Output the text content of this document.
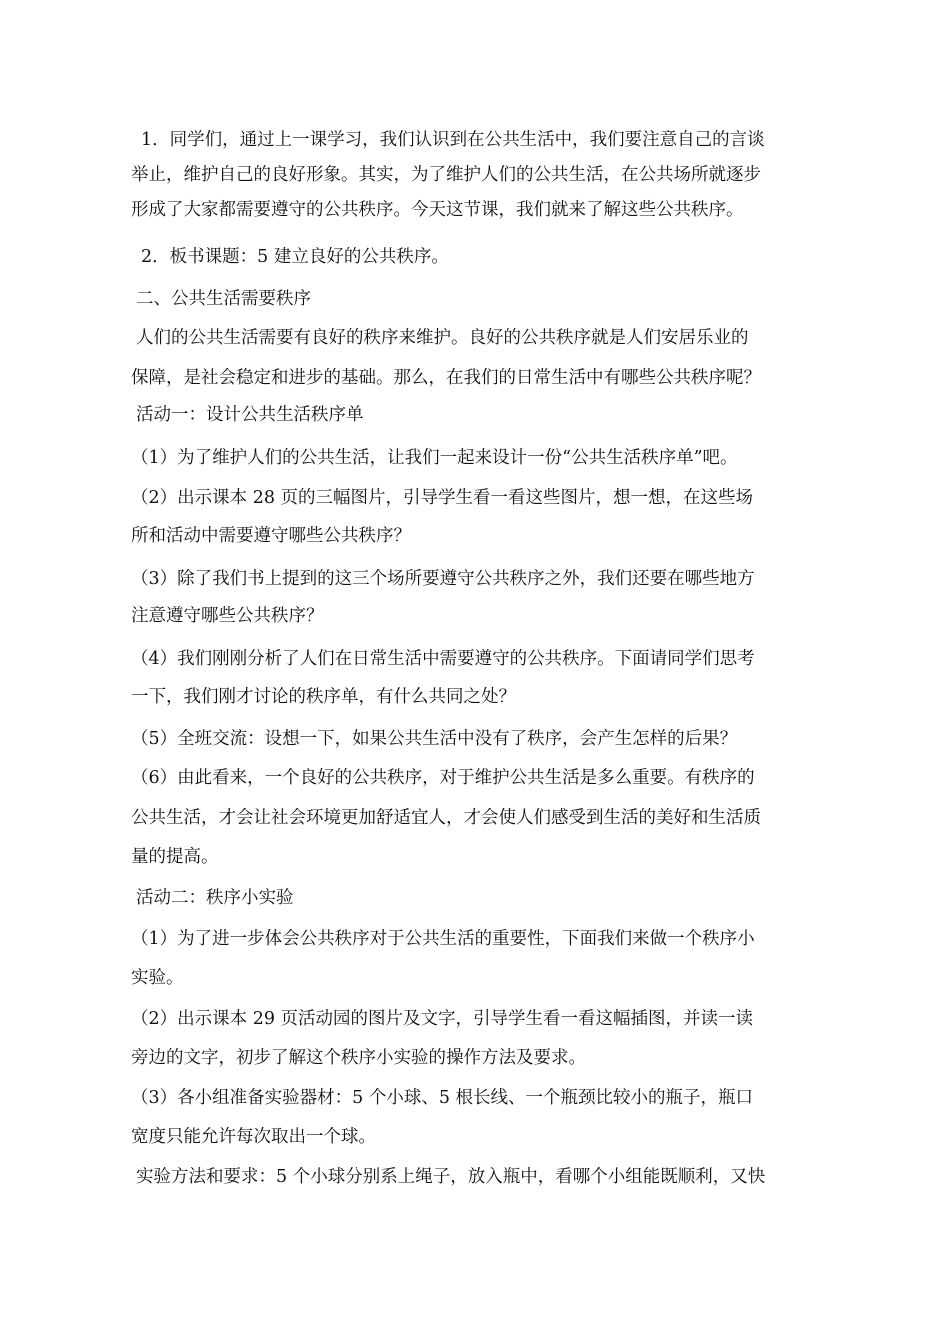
1．同学们，通过上一课学习，我们认识到在公共生活中，我们要注意自己的言谈
举止，维护自己的良好形象。其实，为了维护人们的公共生活，在公共场所就逐步
形成了大家都需要遵守的公共秩序。今天这节课，我们就来了解这些公共秩序。
2．板书课题：5 建立良好的公共秩序。
二、公共生活需要秩序
人们的公共生活需要有良好的秩序来维护。良好的公共秩序就是人们安居乐业的
保障，是社会稳定和进步的基础。那么，在我们的日常生活中有哪些公共秩序呢？
活动一：设计公共生活秩序单
（1）为了维护人们的公共生活，让我们一起来设计一份“公共生活秩序单”吧。
（2）出示课本 28 页的三幅图片，引导学生看一看这些图片，想一想，在这些场
所和活动中需要遵守哪些公共秩序？
（3）除了我们书上提到的这三个场所要遵守公共秩序之外，我们还要在哪些地方
注意遵守哪些公共秩序？
（4）我们刚刚分析了人们在日常生活中需要遵守的公共秩序。下面请同学们思考
一下，我们刚才讨论的秩序单，有什么共同之处？
（5）全班交流：设想一下，如果公共生活中没有了秩序，会产生怎样的后果？
（6）由此看来，一个良好的公共秩序，对于维护公共生活是多么重要。有秩序的
公共生活，才会让社会环境更加舒适宜人，才会使人们感受到生活的美好和生活质
量的提高。
活动二：秩序小实验
（1）为了进一步体会公共秩序对于公共生活的重要性，下面我们来做一个秩序小
实验。
（2）出示课本 29 页活动园的图片及文字，引导学生看一看这幅插图，并读一读
旁边的文字，初步了解这个秩序小实验的操作方法及要求。
（3）各小组准备实验器材：5 个小球、5 根长线、一个瓶颈比较小的瓶子，瓶口
宽度只能允许每次取出一个球。
实验方法和要求：5 个小球分别系上绳子，放入瓶中，看哪个小组能既顺利，又快
